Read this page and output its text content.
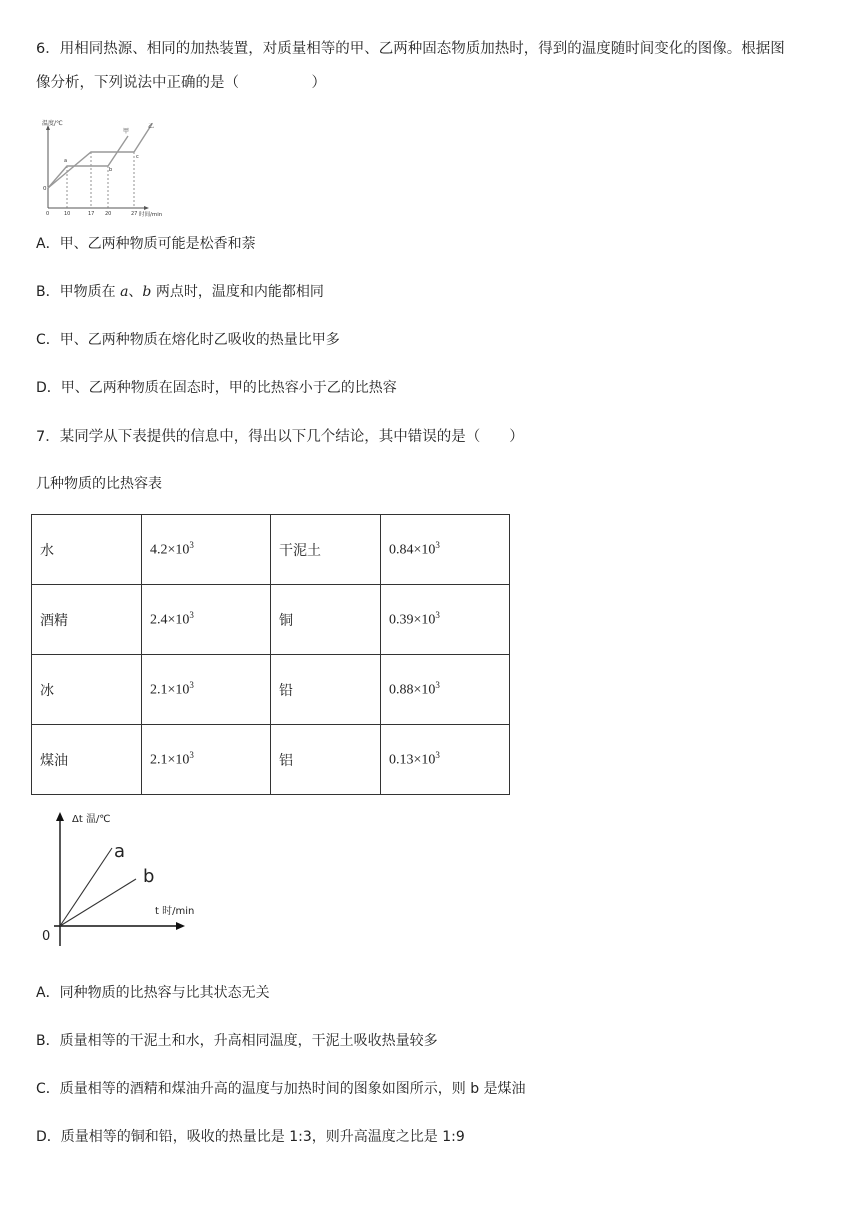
6．用相同热源、相同的加热装置，对质量相等的甲、乙两种固态物质加热时，得到的温度随时间变化的图像。根据图
像分析，下列说法中正确的是（　　　　　）
温度/℃
时间/min
0
a
b
c
甲
乙
0	10	17 20	27
A．甲、乙两种物质可能是松香和萘
B．甲物质在 a、b 两点时，温度和内能都相同
C．甲、乙两种物质在熔化时乙吸收的热量比甲多
D．甲、乙两种物质在固态时，甲的比热容小于乙的比热容
7．某同学从下表提供的信息中，得出以下几个结论，其中错误的是（　　）
几种物质的比热容表
水	$4.2\times 10^3$	干泥土	$0.84\times 10^3$
酒精	$2.4\times 10^3$	铜	$0.39\times 10^3$
冰	$2.1\times 10^3$	铅	$0.88\times 10^3$
煤油	$2.1\times 10^3$	铝	$0.13\times 10^3$
Δt 温/℃
t 时/min
0
a
b
A．同种物质的比热容与比其状态无关
B．质量相等的干泥土和水，升高相同温度，干泥土吸收热量较多
C．质量相等的酒精和煤油升高的温度与加热时间的图象如图所示，则 b 是煤油
D．质量相等的铜和铅，吸收的热量比是 1:3，则升高温度之比是 1:9
